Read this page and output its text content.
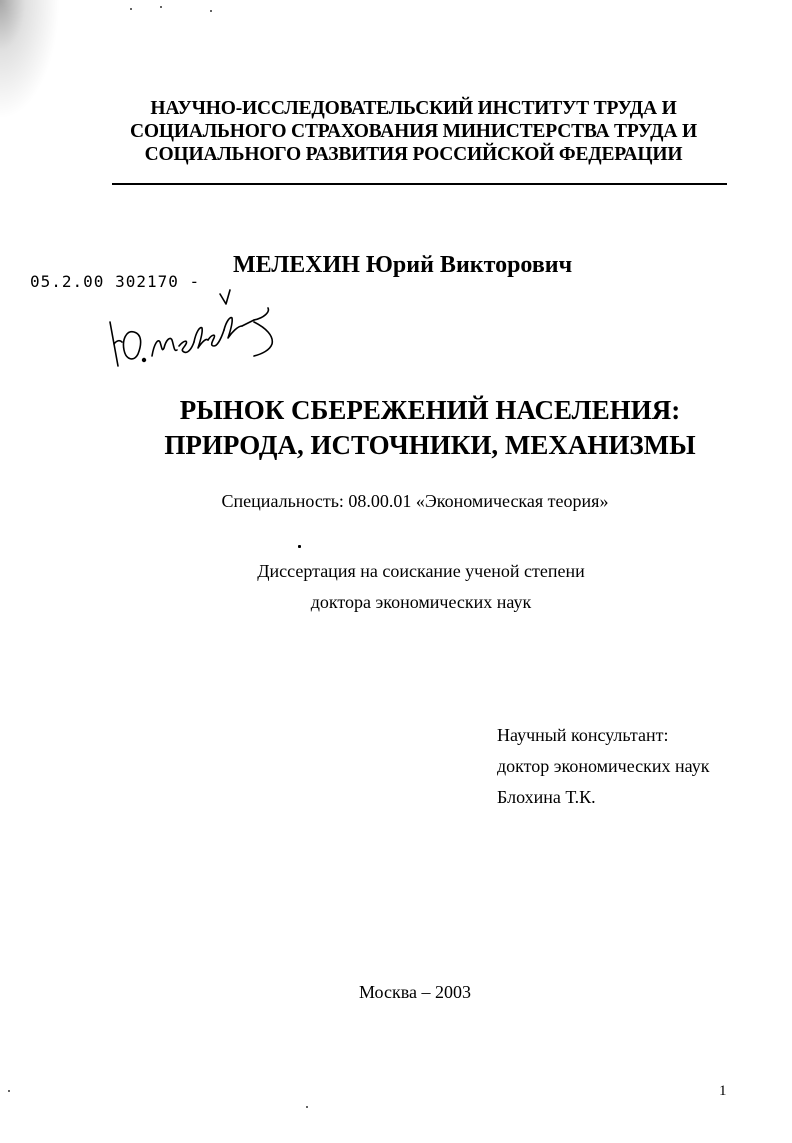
НАУЧНО-ИССЛЕДОВАТЕЛЬСКИЙ ИНСТИТУТ ТРУДА И
СОЦИАЛЬНОГО СТРАХОВАНИЯ МИНИСТЕРСТВА ТРУДА И
СОЦИАЛЬНОГО РАЗВИТИЯ РОССИЙСКОЙ ФЕДЕРАЦИИ
05.2.00 302170 -
МЕЛЕХИН Юрий Викторович
РЫНОК СБЕРЕЖЕНИЙ НАСЕЛЕНИЯ:
ПРИРОДА, ИСТОЧНИКИ, МЕХАНИЗМЫ
Специальность: 08.00.01 «Экономическая теория»
Диссертация на соискание ученой степени
доктора экономических наук
Научный консультант:
доктор экономических наук
Блохина Т.К.
Москва – 2003
1
